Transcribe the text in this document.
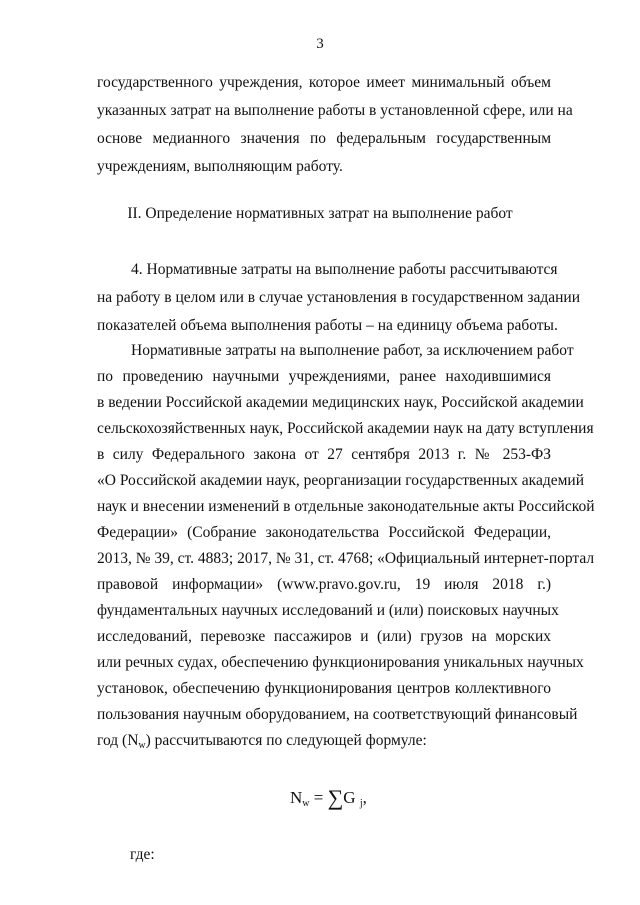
3
государственного учреждения, которое имеет минимальный объем
указанных затрат на выполнение работы в установленной сфере, или на
основе медианного значения по федеральным государственным
учреждениям, выполняющим работу.
II. Определение нормативных затрат на выполнение работ
4. Нормативные затраты на выполнение работы рассчитываются
на работу в целом или в случае установления в государственном задании
показателей объема выполнения работы – на единицу объема работы.
Нормативные затраты на выполнение работ, за исключением работ
по проведению научными учреждениями, ранее находившимися
в ведении Российской академии медицинских наук, Российской академии
сельскохозяйственных наук, Российской академии наук на дату вступления
в силу Федерального закона от 27 сентября 2013 г. № 253-ФЗ
«О Российской академии наук, реорганизации государственных академий
наук и внесении изменений в отдельные законодательные акты Российской
Федерации» (Собрание законодательства Российской Федерации,
2013, № 39, ст. 4883; 2017, № 31, ст. 4768; «Официальный интернет-портал
правовой информации» (www.pravo.gov.ru, 19 июля 2018 г.)
фундаментальных научных исследований и (или) поисковых научных
исследований, перевозке пассажиров и (или) грузов на морских
или речных судах, обеспечению функционирования уникальных научных
установок, обеспечению функционирования центров коллективного
пользования научным оборудованием, на соответствующий финансовый
год (Nw) рассчитываются по следующей формуле:
$N_w = \sum G$ $_j$,
где:
